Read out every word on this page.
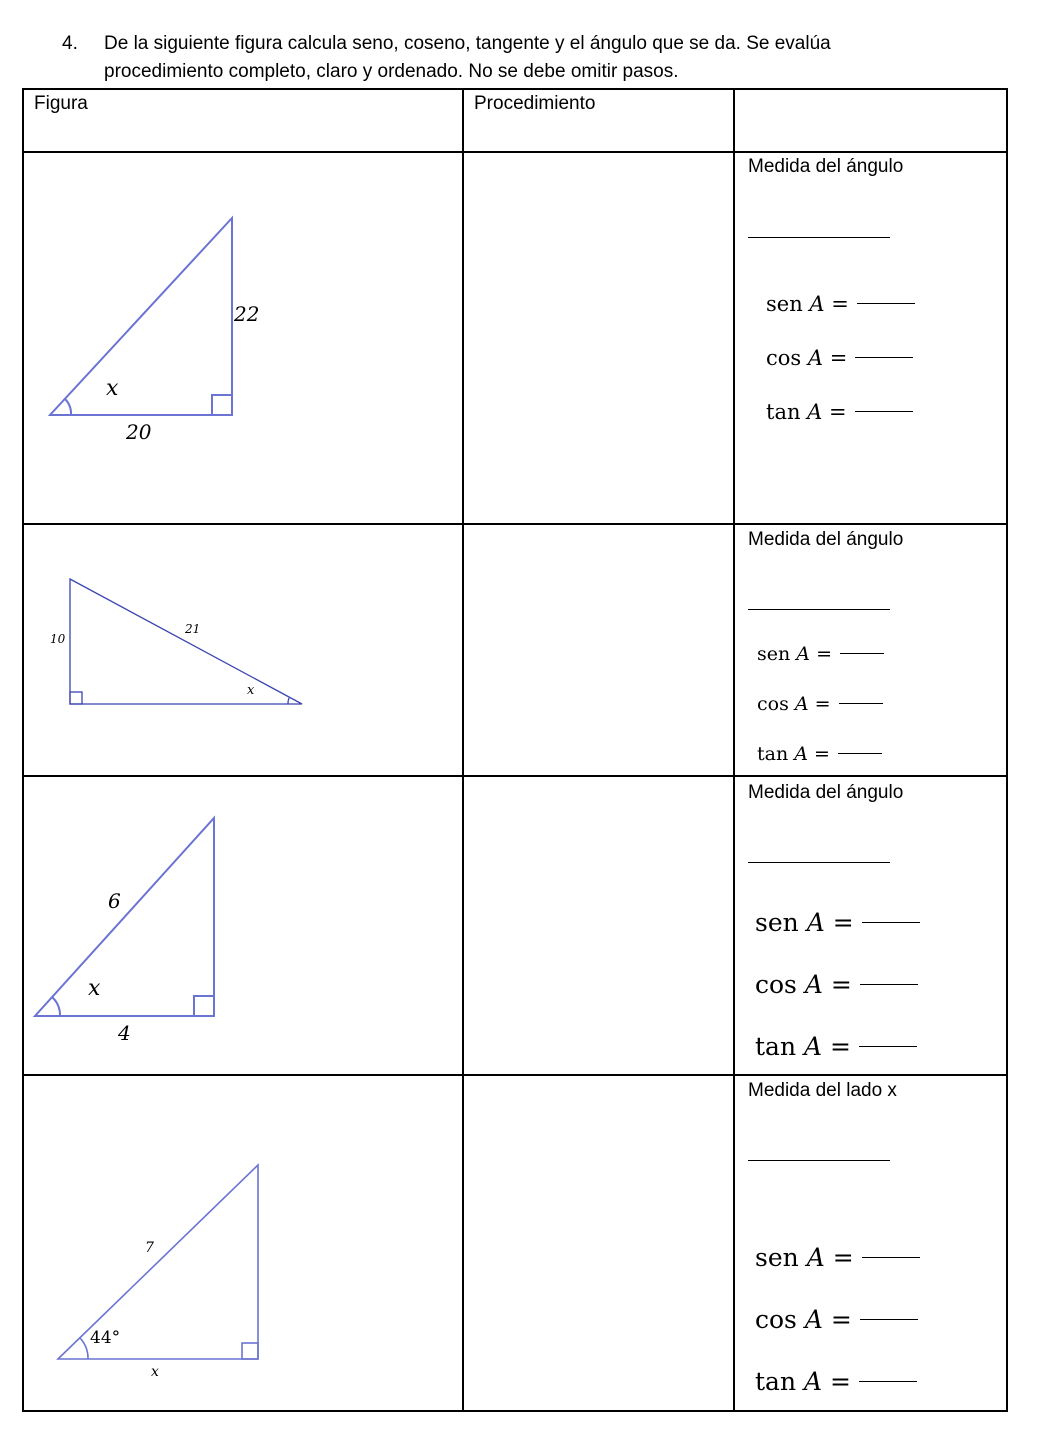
4. De la siguiente figura calcula seno, coseno, tangente y el ángulo que se da. Se evalúa
procedimiento completo, claro y ordenado. No se debe omitir pasos.
Figura	Procedimiento
Medida del ángulo
22
20
x
sen A =
cos A =
tan A =
Medida del ángulo
10
21
x
sen A =
cos A =
tan A =
Medida del ángulo
6
4
x
sen A =
cos A =
tan A =
Medida del lado x
7
x
44°
sen A =
cos A =
tan A =
